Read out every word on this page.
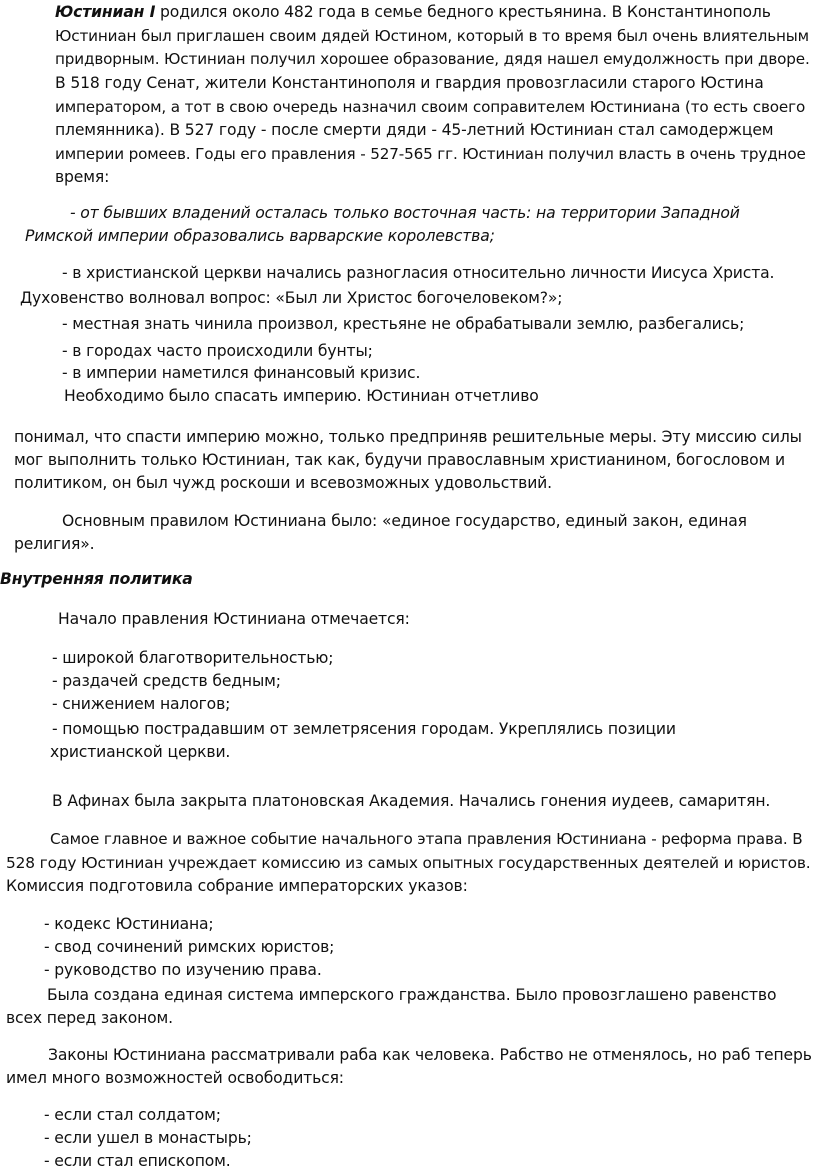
Юстиниан I родился около 482 года в семье бедного крестьянина. В Константинополь
Юстиниан был приглашен своим дядей Юстином, который в то время был очень влиятельным
придворным. Юстиниан получил хорошее образование, дядя нашел емудолжность при дворе.
В 518 году Сенат, жители Константинополя и гвардия провозгласили старого Юстина
императором, а тот в свою очередь назначил своим соправителем Юстиниана (то есть своего
племянника). В 527 году - после смерти дяди - 45-летний Юстиниан стал самодержцем
империи ромеев. Годы его правления - 527-565 гг. Юстиниан получил власть в очень трудное
время:
- от бывших владений осталась только восточная часть: на территории Западной
Римской империи образовались варварские королевства;
- в христианской церкви начались разногласия относительно личности Иисуса Христа.
Духовенство волновал вопрос: «Был ли Христос богочеловеком?»;
- местная знать чинила произвол, крестьяне не обрабатывали землю, разбегались;
- в городах часто происходили бунты;
- в империи наметился финансовый кризис.
Необходимо было спасать империю. Юстиниан отчетливо
понимал, что спасти империю можно, только предприняв решительные меры. Эту миссию силы
мог выполнить только Юстиниан, так как, будучи православным христианином, богословом и
политиком, он был чужд роскоши и всевозможных удовольствий.
Основным правилом Юстиниана было: «единое государство, единый закон, единая
религия».
Внутренняя политика
Начало правления Юстиниана отмечается:
- широкой благотворительностью;
- раздачей средств бедным;
- снижением налогов;
- помощью пострадавшим от землетрясения городам. Укреплялись позиции
христианской церкви.
В Афинах была закрыта платоновская Академия. Начались гонения иудеев, самаритян.
Самое главное и важное событие начального этапа правления Юстиниана - реформа права. В
528 году Юстиниан учреждает комиссию из самых опытных государственных деятелей и юристов.
Комиссия подготовила собрание императорских указов:
- кодекс Юстиниана;
- свод сочинений римских юристов;
- руководство по изучению права.
Была создана единая система имперского гражданства. Было провозглашено равенство
всех перед законом.
Законы Юстиниана рассматривали раба как человека. Рабство не отменялось, но раб теперь
имел много возможностей освободиться:
- если стал солдатом;
- если ушел в монастырь;
- если стал епископом.
